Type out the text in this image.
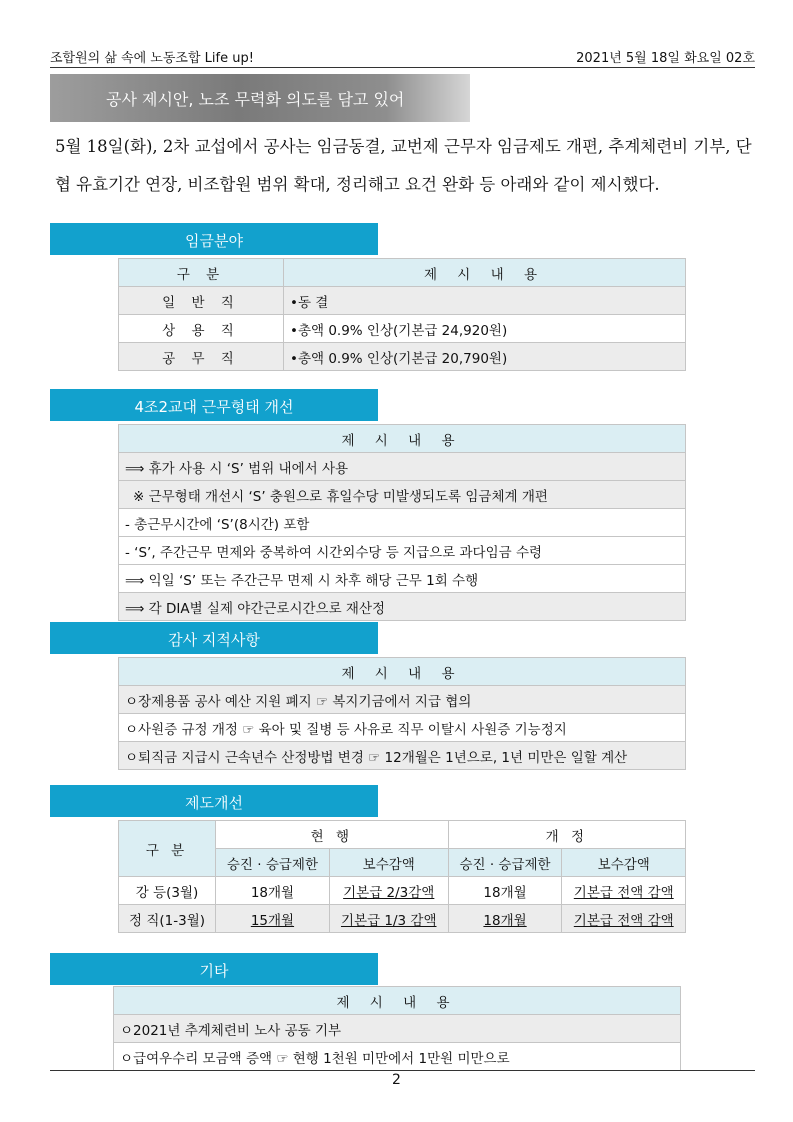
조합원의 삶 속에 노동조합 Life up!	2021년 5월 18일 화요일 02호
공사 제시안, 노조 무력화 의도를 담고 있어
5월 18일(화), 2차 교섭에서 공사는 임금동결, 교번제 근무자 임금제도 개편, 추계체련비 기부, 단협 유효기간 연장, 비조합원 범위 확대, 정리해고 요건 완화 등 아래와 같이 제시했다.
임금분야
구 분	제 시 내 용
일 반 직	•동 결
상 용 직	•총액 0.9% 인상(기본급 24,920원)
공 무 직	•총액 0.9% 인상(기본급 20,790원)
4조2교대 근무형태 개선
제 시 내 용
⟹ 휴가 사용 시 ‘S’ 범위 내에서 사용
※ 근무형태 개선시 ‘S’ 충원으로 휴일수당 미발생되도록 임금체계 개편
- 총근무시간에 ‘S’(8시간) 포함
- ‘S’, 주간근무 면제와 중복하여 시간외수당 등 지급으로 과다임금 수령
⟹ 익일 ‘S’ 또는 주간근무 면제 시 차후 해당 근무 1회 수행
⟹ 각 DIA별 실제 야간근로시간으로 재산정
감사 지적사항
제 시 내 용
ㅇ장제용품 공사 예산 지원 폐지 ☞ 복지기금에서 지급 협의
ㅇ사원증 규정 개정 ☞ 육아 및 질병 등 사유로 직무 이탈시 사원증 기능정지
ㅇ퇴직금 지급시 근속년수 산정방법 변경 ☞ 12개월은 1년으로, 1년 미만은 일할 계산
제도개선
구 분	현 행		개 정	
	승진 · 승급제한	보수감액	승진 · 승급제한	보수감액
강 등(3월)	18개월	기본급 2/3감액	18개월	기본급 전액 감액
정 직(1-3월)	15개월	기본급 1/3 감액	18개월	기본급 전액 감액
기타
제 시 내 용
ㅇ2021년 추계체련비 노사 공동 기부
ㅇ급여우수리 모금액 증액 ☞ 현행 1천원 미만에서 1만원 미만으로
2
